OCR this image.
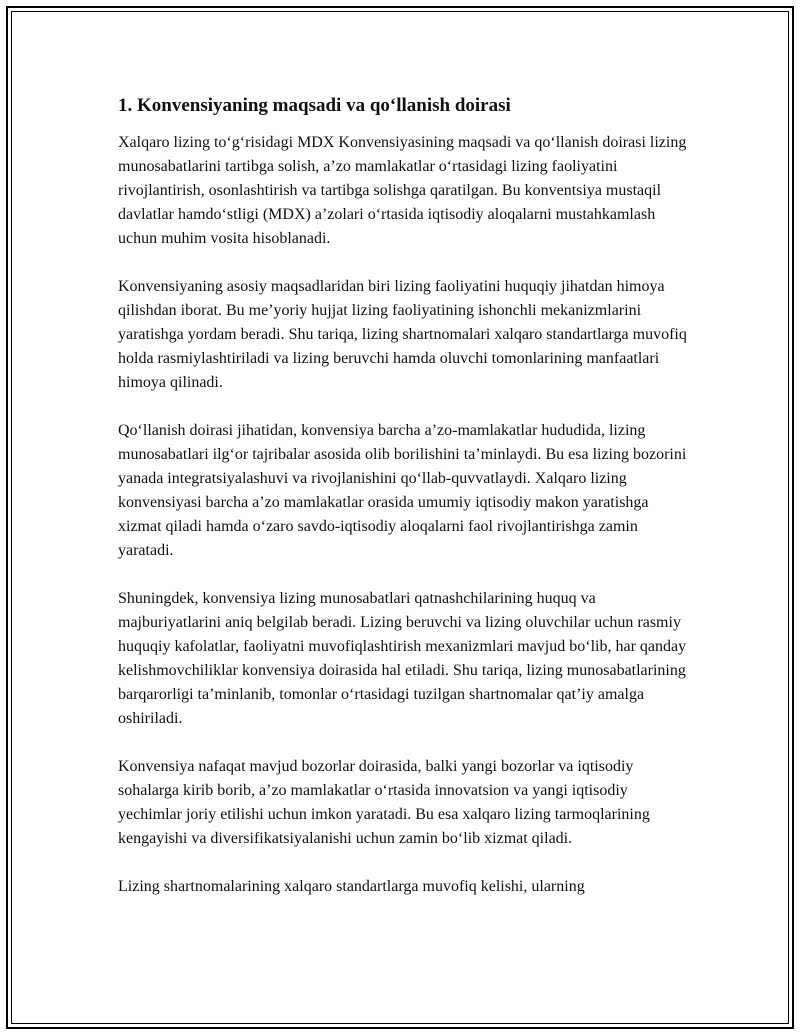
1. Konvensiyaning maqsadi va qo‘llanish doirasi

Xalqaro lizing to‘g‘risidagi MDX Konvensiyasining maqsadi va qo‘llanish doirasi lizing munosabatlarini tartibga solish, a’zo mamlakatlar o‘rtasidagi lizing faoliyatini rivojlantirish, osonlashtirish va tartibga solishga qaratilgan. Bu konventsiya mustaqil davlatlar hamdo‘stligi (MDX) a’zolari o‘rtasida iqtisodiy aloqalarni mustahkamlash uchun muhim vosita hisoblanadi.

Konvensiyaning asosiy maqsadlaridan biri lizing faoliyatini huquqiy jihatdan himoya qilishdan iborat. Bu me’yoriy hujjat lizing faoliyatining ishonchli mekanizmlarini yaratishga yordam beradi. Shu tariqa, lizing shartnomalari xalqaro standartlarga muvofiq holda rasmiylashtiriladi va lizing beruvchi hamda oluvchi tomonlarining manfaatlari himoya qilinadi.

Qo‘llanish doirasi jihatidan, konvensiya barcha a’zo-mamlakatlar hududida, lizing munosabatlari ilg‘or tajribalar asosida olib borilishini ta’minlaydi. Bu esa lizing bozorini yanada integratsiyalashuvi va rivojlanishini qo‘llab-quvvatlaydi. Xalqaro lizing konvensiyasi barcha a’zo mamlakatlar orasida umumiy iqtisodiy makon yaratishga xizmat qiladi hamda o‘zaro savdo-iqtisodiy aloqalarni faol rivojlantirishga zamin yaratadi.

Shuningdek, konvensiya lizing munosabatlari qatnashchilarining huquq va majburiyatlarini aniq belgilab beradi. Lizing beruvchi va lizing oluvchilar uchun rasmiy huquqiy kafolatlar, faoliyatni muvofiqlashtirish mexanizmlari mavjud bo‘lib, har qanday kelishmovchiliklar konvensiya doirasida hal etiladi. Shu tariqa, lizing munosabatlarining barqarorligi ta’minlanib, tomonlar o‘rtasidagi tuzilgan shartnomalar qat’iy amalga oshiriladi.

Konvensiya nafaqat mavjud bozorlar doirasida, balki yangi bozorlar va iqtisodiy sohalarga kirib borib, a’zo mamlakatlar o‘rtasida innovatsion va yangi iqtisodiy yechimlar joriy etilishi uchun imkon yaratadi. Bu esa xalqaro lizing tarmoqlarining kengayishi va diversifikatsiyalanishi uchun zamin bo‘lib xizmat qiladi.

Lizing shartnomalarining xalqaro standartlarga muvofiq kelishi, ularning
